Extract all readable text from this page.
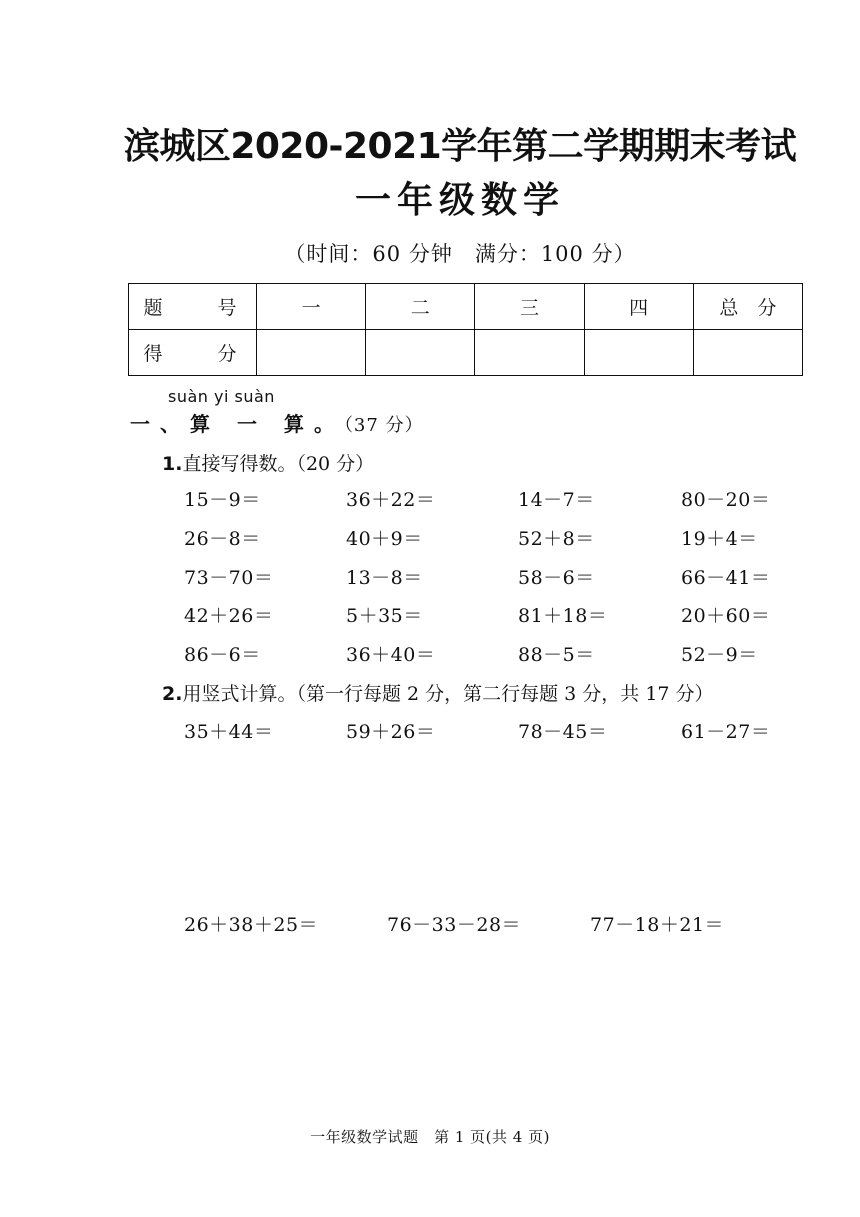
滨城区2020-2021学年第二学期期末考试
一年级数学
（时间：60 分钟　满分：100 分）
题　号	一	二	三	四	总　分
得　分					
suàn yi suàn
一、算 一 算。（37 分）
1.直接写得数。（20 分）
15－9＝	36＋22＝	14－7＝	80－20＝
26－8＝	40＋9＝	52＋8＝	19＋4＝
73－70＝	13－8＝	58－6＝	66－41＝
42＋26＝	5＋35＝	81＋18＝	20＋60＝
86－6＝	36＋40＝	88－5＝	52－9＝
2.用竖式计算。（第一行每题 2 分，第二行每题 3 分，共 17 分）
35＋44＝	59＋26＝	78－45＝	61－27＝
26＋38＋25＝	76－33－28＝	77－18＋21＝
一年级数学试题　第 1 页(共 4 页)
